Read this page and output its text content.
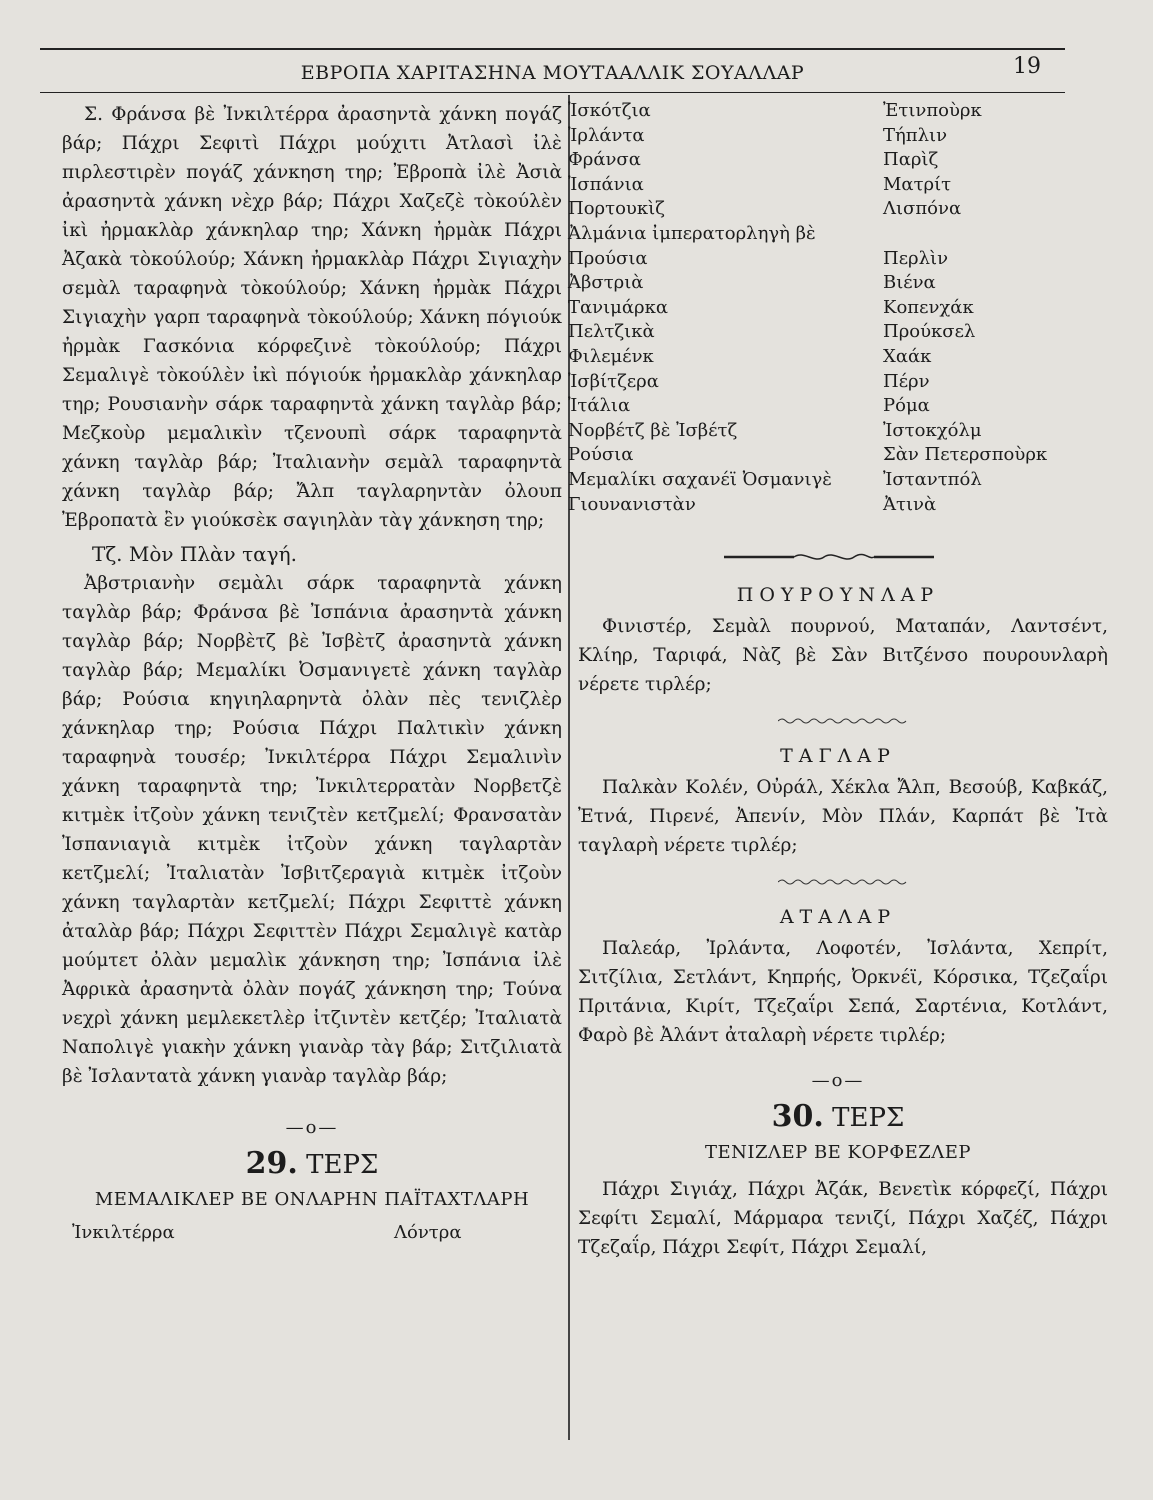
ΕΒΡΟΠΑ ΧΑΡΙΤΑΣΗΝΑ ΜΟΥΤΑΑΛΛΙΚ ΣΟΥΑΛΛΑΡ	19

Σ. Φράνσα βὲ Ἰνκιλτέρρα ἀρασηντὰ χάνκη πογάζ βάρ; Πάχρι Σεφιτὶ Πάχρι μούχιτι Ἀτλασὶ ἰλὲ πιρλεστιρὲν πογάζ χάνκηση τηρ; Ἐβροπὰ ἰλὲ Ἀσιὰ ἀρασηντὰ χάνκη νὲχρ βάρ; Πάχρι Χαζεζὲ τὸκούλὲν ἰκὶ ἠρμακλὰρ χάνκηλαρ τηρ; Χάνκη ἠρμὰκ Πάχρι Ἀζακὰ τὸκούλούρ; Χάνκη ἠρμακλὰρ Πάχρι Σιγιαχὴν σεμὰλ ταραφηνὰ τὸκούλούρ; Χάνκη ἠρμὰκ Πάχρι Σιγιαχὴν γαρπ ταραφηνὰ τὸκούλούρ; Χάνκη πόγιούκ ἠρμὰκ Γασκόνια κόρφεζινὲ τὸκούλούρ; Πάχρι Σεμαλιγὲ τὸκούλὲν ἰκὶ πόγιούκ ἠρμακλὰρ χάνκηλαρ τηρ; Ρουσιανὴν σάρκ ταραφηντὰ χάνκη ταγλὰρ βάρ; Μεζκοὺρ μεμαλικὶν τζενουπὶ σάρκ ταραφηντὰ χάνκη ταγλὰρ βάρ; Ἰταλιανὴν σεμὰλ ταραφηντὰ χάνκη ταγλὰρ βάρ; Ἄλπ ταγλαρηντὰν ὀλουπ Ἐβροπατὰ ἒν γιούκσὲκ σαγιηλὰν τὰγ χάνκηση τηρ;

Τζ. Μὸν Πλὰν ταγή.

Ἀβστριανὴν σεμὰλι σάρκ ταραφηντὰ χάνκη ταγλὰρ βάρ; Φράνσα βὲ Ἰσπάνια ἀρασηντὰ χάνκη ταγλὰρ βάρ; Νορβὲτζ βὲ Ἰσβὲτζ ἀρασηντὰ χάνκη ταγλὰρ βάρ; Μεμαλίκι Ὀσμανιγετὲ χάνκη ταγλὰρ βάρ; Ρούσια κηγιηλαρηντὰ ὀλὰν πὲς τενιζλὲρ χάνκηλαρ τηρ; Ρούσια Πάχρι Παλτικὶν χάνκη ταραφηνὰ τουσέρ; Ἰνκιλτέρρα Πάχρι Σεμαλινὶν χάνκη ταραφηντὰ τηρ; Ἰνκιλτερρατὰν Νορβετζὲ κιτμὲκ ἰτζοὺν χάνκη τενιζτὲν κετζμελί; Φρανσατὰν Ἰσπανιαγιὰ κιτμὲκ ἰτζοὺν χάνκη ταγλαρτὰν κετζμελί; Ἰταλιατὰν Ἰσβιτζεραγιὰ κιτμὲκ ἰτζοὺν χάνκη ταγλαρτὰν κετζμελί; Πάχρι Σεφιττὲ χάνκη ἀταλὰρ βάρ; Πάχρι Σεφιττὲν Πάχρι Σεμαλιγὲ κατὰρ μούμτετ ὀλὰν μεμαλὶκ χάνκηση τηρ; Ἰσπάνια ἰλὲ Ἀφρικὰ ἀρασηντὰ ὀλὰν πογάζ χάνκηση τηρ; Τούνα νεχρὶ χάνκη μεμλεκετλὲρ ἰτζιντὲν κετζέρ; Ἰταλιατὰ Ναπολιγὲ γιακὴν χάνκη γιανὰρ τὰγ βάρ; Σιτζιλιατὰ βὲ Ἰσλαντατὰ χάνκη γιανὰρ ταγλὰρ βάρ;

—ο—
29. ΤΕΡΣ
ΜΕΜΑΛΙΚΛΕΡ ΒΕ ΟΝΛΑΡΗΝ ΠΑΪΤΑΧΤΛΑΡΗ
Ἰνκιλτέρρα	Λόντρα
Ἰσκότζια	Ἐτινποὺρκ
Ἰρλάντα	Τήπλιν
Φράνσα	Παρὶζ
Ἰσπάνια	Ματρίτ
Πορτουκὶζ	Λισπόνα
Ἀλμάνια ἰμπερατορληγὴ βὲ
Προύσια	Περλὶν
Ἀβστριὰ	Βιένα
Τανιμάρκα	Κοπενχάκ
Πελτζικὰ	Προύκσελ
Φιλεμένκ	Χαάκ
Ἰσβίτζερα	Πέρν
Ἰτάλια	Ρόμα
Νορβέτζ βὲ Ἰσβέτζ	Ἰστοκχόλμ
Ρούσια	Σὰν Πετερσποὺρκ
Μεμαλίκι σαχανέϊ Ὀσμανιγὲ	Ἰσταντπόλ
Γιουνανιστὰν	Ἀτινὰ
ΠΟΥΡΟΥΝΛΑΡ

Φινιστέρ, Σεμὰλ πουρνού, Ματαπάν, Λαντσέντ, Κλίηρ, Ταριφά, Νὰζ βὲ Σὰν Βιτζένσο πουρουνλαρὴ νέρετε τιρλέρ;

ΤΑΓΛΑΡ

Παλκὰν Κολέν, Οὐράλ, Χέκλα Ἄλπ, Βεσούβ, Καβκάζ, Ἐτνά, Πιρενέ, Ἀπενίν, Μὸν Πλάν, Καρπάτ βὲ Ἰτὰ ταγλαρὴ νέρετε τιρλέρ;

ΑΤΑΛΑΡ

Παλεάρ, Ἰρλάντα, Λοφοτέν, Ἰσλάντα, Χεπρίτ, Σιτζίλια, Σετλάντ, Κηπρής, Ὀρκνέϊ, Κόρσικα, Τζεζαΐρι Πριτάνια, Κιρίτ, Τζεζαΐρι Σεπά, Σαρτένια, Κοτλάντ, Φαρὸ βὲ Ἀλάντ ἀταλαρὴ νέρετε τιρλέρ;

—ο—
30. ΤΕΡΣ
ΤΕΝΙΖΛΕΡ ΒΕ ΚΟΡΦΕΖΛΕΡ

Πάχρι Σιγιάχ, Πάχρι Ἀζάκ, Βενετὶκ κόρφεζί, Πάχρι Σεφίτι Σεμαλί, Μάρμαρα τενιζί, Πάχρι Χαζέζ, Πάχρι Τζεζαΐρ, Πάχρι Σεφίτ, Πάχρι Σεμαλί,
